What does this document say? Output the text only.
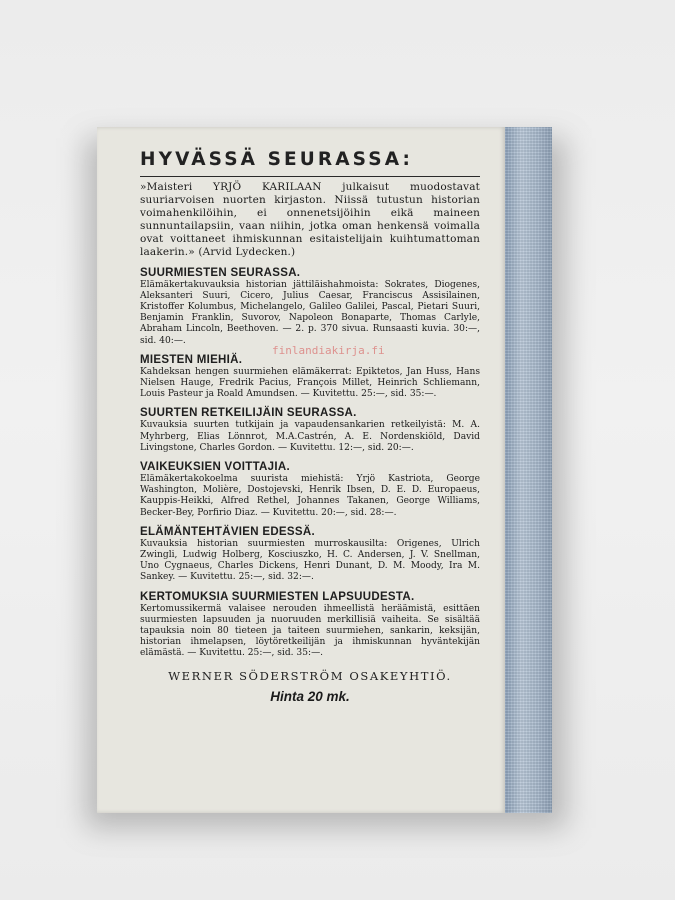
HYVÄSSÄ SEURASSA:

»Maisteri YRJÖ KARILAAN julkaisut muodostavat suuriarvoisen nuorten kirjaston. Niissä tutustun historian voimahenkilöihin, ei onnenetsijöihin eikä maineen sunnuntailapsiin, vaan niihin, jotka oman henkensä voimalla ovat voittaneet ihmiskunnan esitaistelijain kuihtumattoman laakerin.» (Arvid Lydecken.)

SUURMIESTEN SEURASSA.

Elämäkertakuvauksia historian jättiläishahmoista: Sokrates, Diogenes, Aleksanteri Suuri, Cicero, Julius Caesar, Franciscus Assisilainen, Kristoffer Kolumbus, Michelangelo, Galileo Galilei, Pascal, Pietari Suuri, Benjamin Franklin, Suvorov, Napoleon Bonaparte, Thomas Carlyle, Abraham Lincoln, Beethoven. — 2. p. 370 sivua. Runsaasti kuvia. 30:—, sid. 40:—.

MIESTEN MIEHIÄ.

Kahdeksan hengen suurmiehen elämäkerrat: Epiktetos, Jan Huss, Hans Nielsen Hauge, Fredrik Pacius, François Millet, Heinrich Schliemann, Louis Pasteur ja Roald Amundsen. — Kuvitettu. 25:—, sid. 35:—.

SUURTEN RETKEILIJÄIN SEURASSA.

Kuvauksia suurten tutkijain ja vapaudensankarien retkeilyistä: M. A. Myhrberg, Elias Lönnrot, M.A.Castrén, A. E. Nordenskiöld, David Livingstone, Charles Gordon. — Kuvitettu. 12:—, sid. 20:—.

VAIKEUKSIEN VOITTAJIA.

Elämäkertakokoelma suurista miehistä: Yrjö Kastriota, George Washington, Molière, Dostojevski, Henrik Ibsen, D. E. D. Europaeus, Kauppis-Heikki, Alfred Rethel, Johannes Takanen, George Williams, Becker-Bey, Porfirio Diaz. — Kuvitettu. 20:—, sid. 28:—.

ELÄMÄNTEHTÄVIEN EDESSÄ.

Kuvauksia historian suurmiesten murroskausilta: Origenes, Ulrich Zwingli, Ludwig Holberg, Kosciuszko, H. C. Andersen, J. V. Snellman, Uno Cygnaeus, Charles Dickens, Henri Dunant, D. M. Moody, Ira M. Sankey. — Kuvitettu. 25:—, sid. 32:—.

KERTOMUKSIA SUURMIESTEN LAPSUUDESTA.

Kertomussikermä valaisee nerouden ihmeellistä heräämistä, esittäen suurmiesten lapsuuden ja nuoruuden merkillisiä vaiheita. Se sisältää tapauksia noin 80 tieteen ja taiteen suurmiehen, sankarin, keksijän, historian ihmelapsen, löytöretkeilijän ja ihmiskunnan hyväntekijän elämästä. — Kuvitettu. 25:—, sid. 35:—.

WERNER SÖDERSTRÖM OSAKEYHTIÖ.
Hinta 20 mk.
finlandiakirja.fi
